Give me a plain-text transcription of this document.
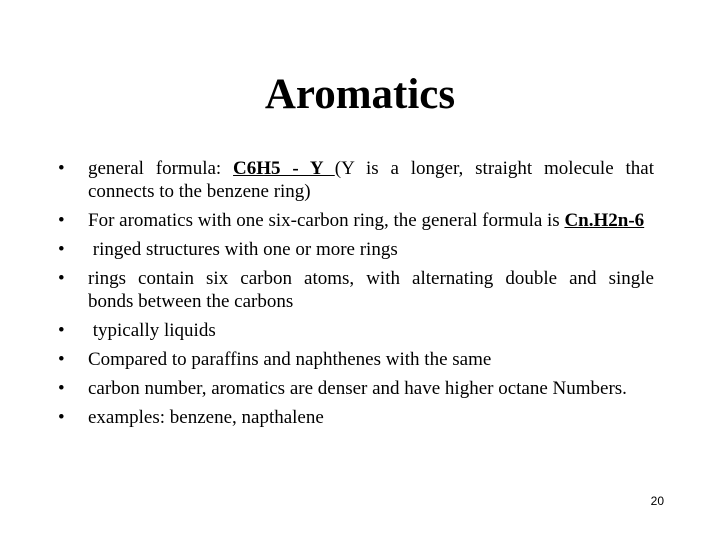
Aromatics
• general formula: C6H5 - Y (Y is a longer, straight molecule that
connects to the benzene ring)
• For aromatics with one six-carbon ring, the general formula is Cn.H2n-6
• ringed structures with one or more rings
• rings contain six carbon atoms, with alternating double and single
bonds between the carbons
• typically liquids
• Compared to paraffins and naphthenes with the same
• carbon number, aromatics are denser and have higher octane Numbers.
• examples: benzene, napthalene
20
